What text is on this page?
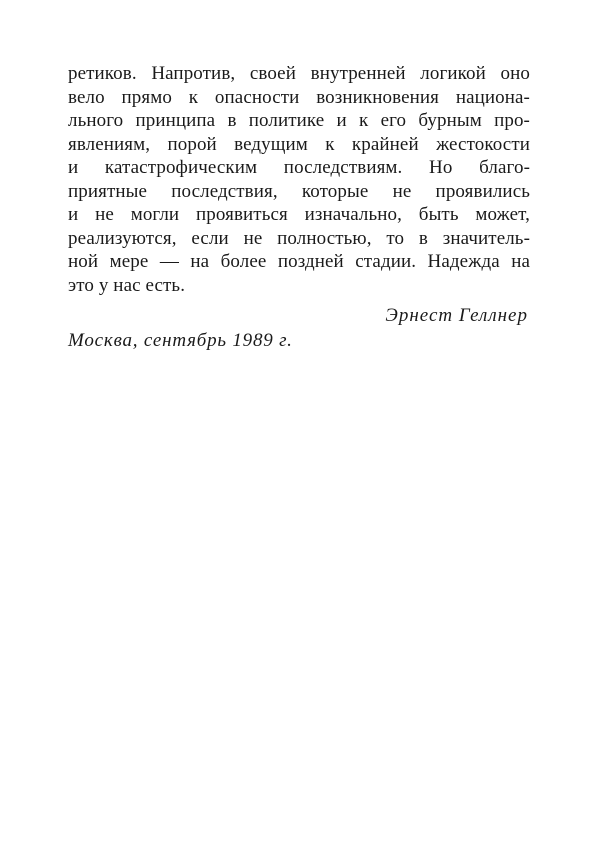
ретиков. Напротив, своей внутренней логикой оно
вело прямо к опасности возникновения национа-
льного принципа в политике и к его бурным про-
явлениям, порой ведущим к крайней жестокости
и катастрофическим последствиям. Но благо-
приятные последствия, которые не проявились
и не могли проявиться изначально, быть может,
реализуются, если не полностью, то в значитель-
ной мере — на более поздней стадии. Надежда на
это у нас есть.

Эрнест Геллнер

Москва, сентябрь 1989 г.
